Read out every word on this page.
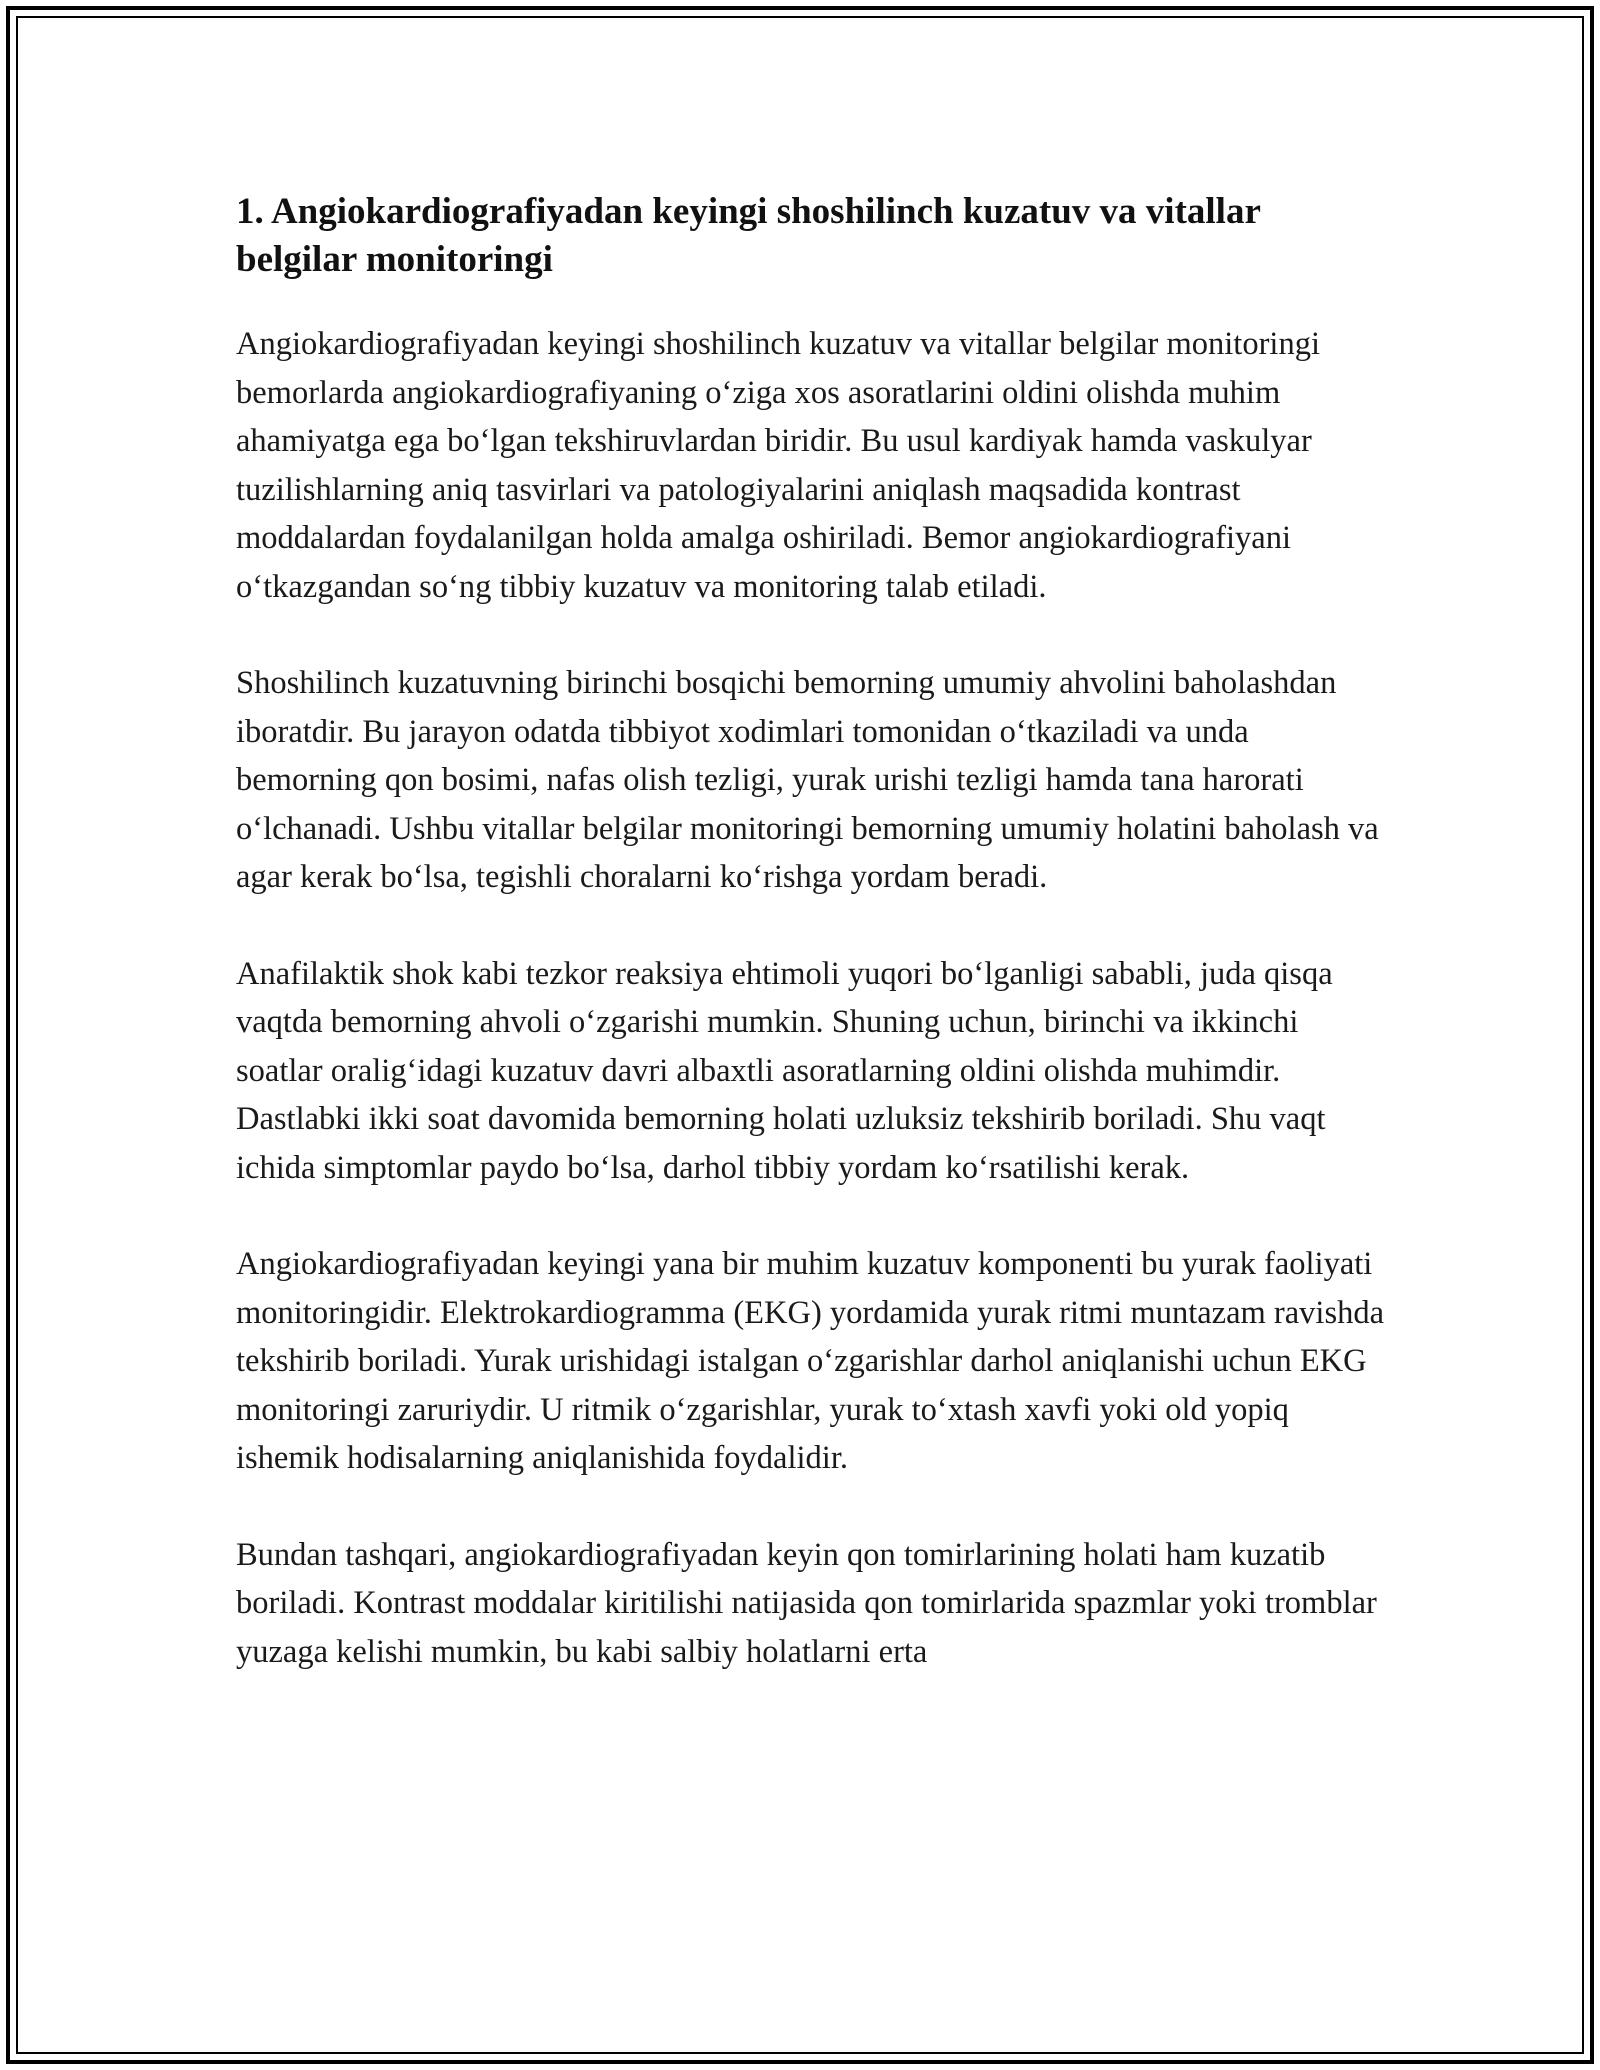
1. Angiokardiografiyadan keyingi shoshilinch kuzatuv va vitallar belgilar monitoringi

Angiokardiografiyadan keyingi shoshilinch kuzatuv va vitallar belgilar monitoringi bemorlarda angiokardiografiyaning o‘ziga xos asoratlarini oldini olishda muhim ahamiyatga ega bo‘lgan tekshiruvlardan biridir. Bu usul kardiyak hamda vaskulyar tuzilishlarning aniq tasvirlari va patologiyalarini aniqlash maqsadida kontrast moddalardan foydalanilgan holda amalga oshiriladi. Bemor angiokardiografiyani o‘tkazgandan so‘ng tibbiy kuzatuv va monitoring talab etiladi.

Shoshilinch kuzatuvning birinchi bosqichi bemorning umumiy ahvolini baholashdan iboratdir. Bu jarayon odatda tibbiyot xodimlari tomonidan o‘tkaziladi va unda bemorning qon bosimi, nafas olish tezligi, yurak urishi tezligi hamda tana harorati o‘lchanadi. Ushbu vitallar belgilar monitoringi bemorning umumiy holatini baholash va agar kerak bo‘lsa, tegishli choralarni ko‘rishga yordam beradi.

Anafilaktik shok kabi tezkor reaksiya ehtimoli yuqori bo‘lganligi sababli, juda qisqa vaqtda bemorning ahvoli o‘zgarishi mumkin. Shuning uchun, birinchi va ikkinchi soatlar oralig‘idagi kuzatuv davri albaxtli asoratlarning oldini olishda muhimdir. Dastlabki ikki soat davomida bemorning holati uzluksiz tekshirib boriladi. Shu vaqt ichida simptomlar paydo bo‘lsa, darhol tibbiy yordam ko‘rsatilishi kerak.

Angiokardiografiyadan keyingi yana bir muhim kuzatuv komponenti bu yurak faoliyati monitoringidir. Elektrokardiogramma (EKG) yordamida yurak ritmi muntazam ravishda tekshirib boriladi. Yurak urishidagi istalgan o‘zgarishlar darhol aniqlanishi uchun EKG monitoringi zaruriydir. U ritmik o‘zgarishlar, yurak to‘xtash xavfi yoki old yopiq ishemik hodisalarning aniqlanishida foydalidir.

Bundan tashqari, angiokardiografiyadan keyin qon tomirlarining holati ham kuzatib boriladi. Kontrast moddalar kiritilishi natijasida qon tomirlarida spazmlar yoki tromblar yuzaga kelishi mumkin, bu kabi salbiy holatlarni erta
